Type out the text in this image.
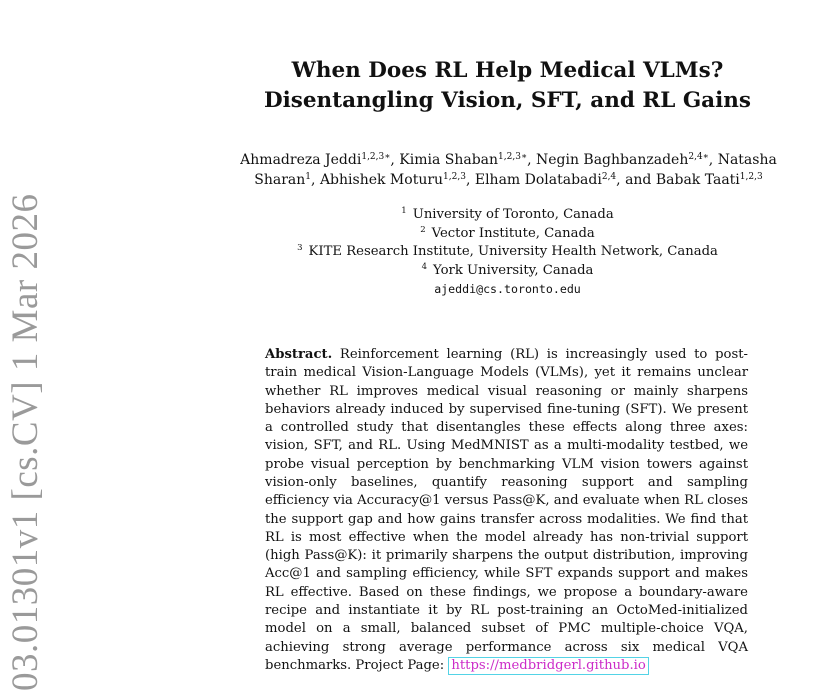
03.01301v1 [cs.CV] 1 Mar 2026
When Does RL Help Medical VLMs?
Disentangling Vision, SFT, and RL Gains
Ahmadreza Jeddi$^{1,2,3∗}$, Kimia Shaban$^{1,2,3∗}$, Negin Baghbanzadeh$^{2,4∗}$, Natasha
Sharan$^1$, Abhishek Moturu$^{1,2,3}$, Elham Dolatabadi$^{2,4}$, and Babak Taati$^{1,2,3}$
$^1$ University of Toronto, Canada
$^2$ Vector Institute, Canada
$^3$ KITE Research Institute, University Health Network, Canada
$^4$ York University, Canada
ajeddi@cs.toronto.edu
Abstract. Reinforcement learning (RL) is increasingly used to post-train medical Vision-Language Models (VLMs), yet it remains unclear whether RL improves medical visual reasoning or mainly sharpens behaviors already induced by supervised fine-tuning (SFT). We present a controlled study that disentangles these effects along three axes: vision, SFT, and RL. Using MedMNIST as a multi-modality testbed, we probe visual perception by benchmarking VLM vision towers against vision-only baselines, quantify reasoning support and sampling efficiency via Accuracy@1 versus Pass@K, and evaluate when RL closes the support gap and how gains transfer across modalities. We find that RL is most effective when the model already has non-trivial support (high Pass@K): it primarily sharpens the output distribution, improving Acc@1 and sampling efficiency, while SFT expands support and makes RL effective. Based on these findings, we propose a boundary-aware recipe and instantiate it by RL post-training an OctoMed-initialized model on a small, balanced subset of PMC multiple-choice VQA, achieving strong average performance across six medical VQA benchmarks. Project Page: https://medbridgerl.github.io
